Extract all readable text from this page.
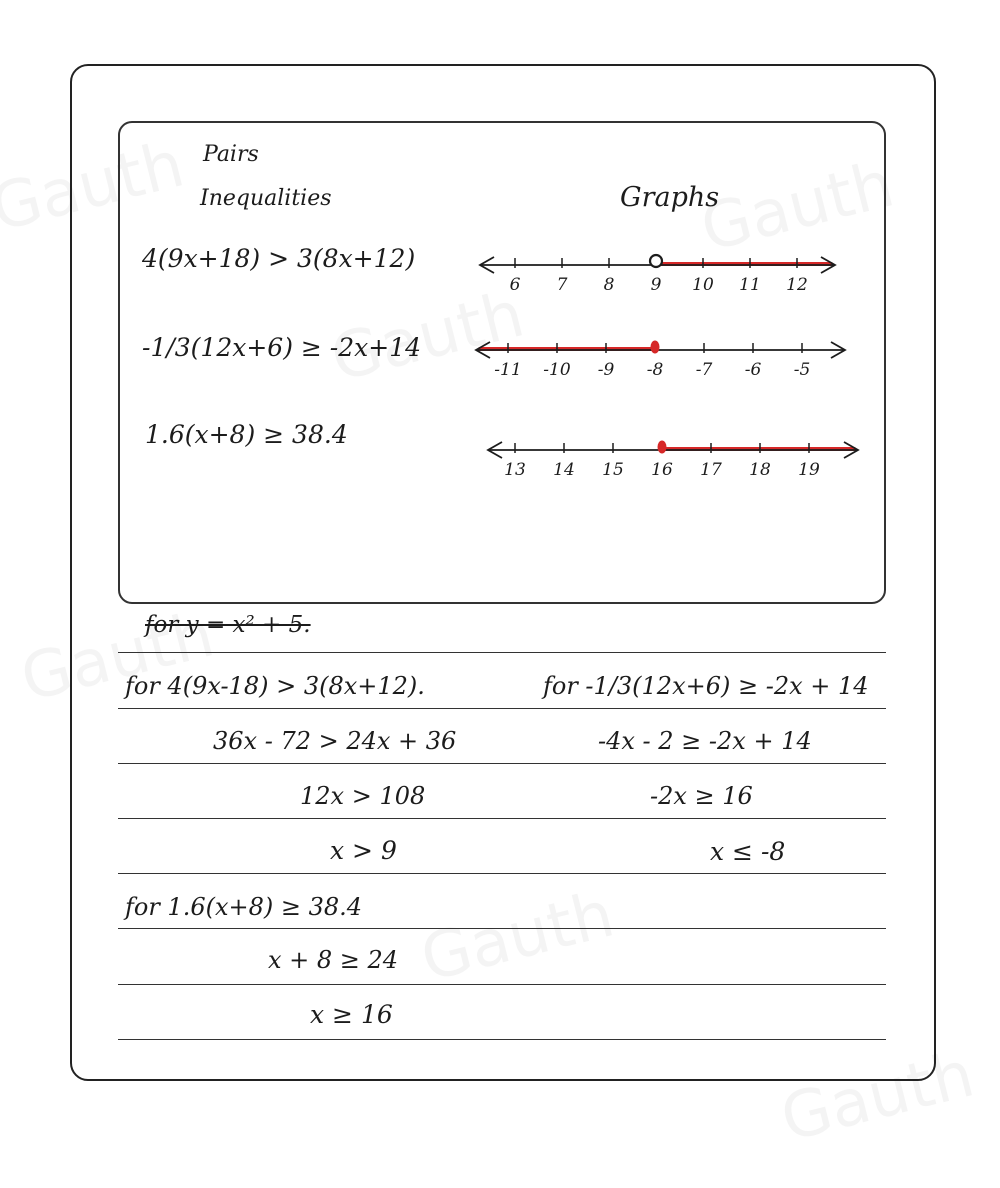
Pairs
Inequalities	Graphs
4(9x+18) > 3(8x+12)
-1/3(12x+6) ≥ -2x+14
1.6(x+8) ≥ 38.4
6 7 8 9 10 11 12
-11 -10 -9 -8 -7 -6 -5
13 14 15 16 17 18 19
for y = x² + 5.
for 4(9x-18) > 3(8x+12).
36x - 72 > 24x + 36
12x > 108
x > 9
for -1/3(12x+6) ≥ -2x + 14
-4x - 2 ≥ -2x + 14
-2x ≥ 16
x ≤ -8
for 1.6(x+8) ≥ 38.4
x + 8 ≥ 24
x ≥ 16
